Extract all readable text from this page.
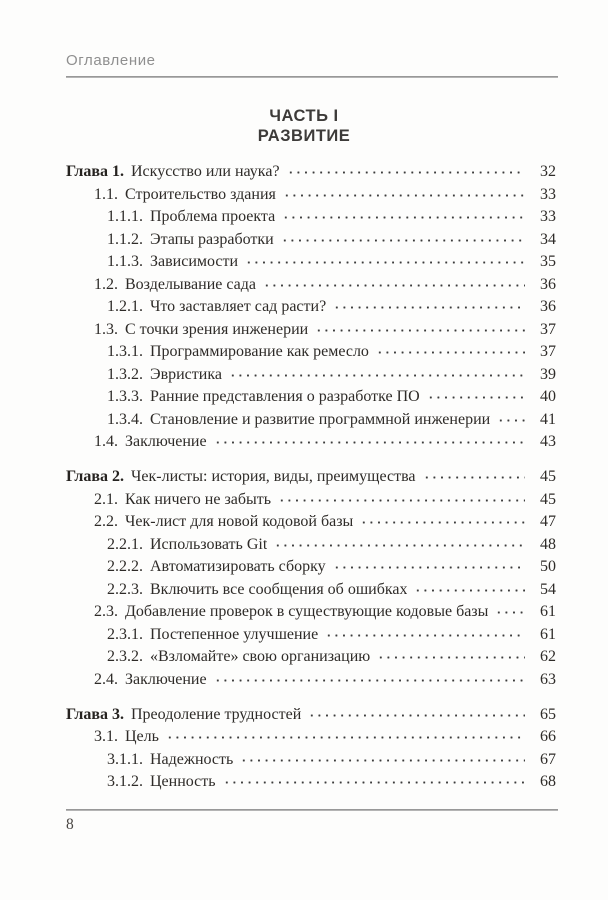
Оглавление
ЧАСТЬ I
РАЗВИТИЕ
Глава 1. Искусство или наука?	32
1.1. Строительство здания	33
1.1.1. Проблема проекта	33
1.1.2. Этапы разработки	34
1.1.3. Зависимости	35
1.2. Возделывание сада	36
1.2.1. Что заставляет сад расти?	36
1.3. С точки зрения инженерии	37
1.3.1. Программирование как ремесло	37
1.3.2. Эвристика	39
1.3.3. Ранние представления о разработке ПО	40
1.3.4. Становление и развитие программной инженерии	41
1.4. Заключение	43
Глава 2. Чек-листы: история, виды, преимущества	45
2.1. Как ничего не забыть	45
2.2. Чек-лист для новой кодовой базы	47
2.2.1. Использовать Git	48
2.2.2. Автоматизировать сборку	50
2.2.3. Включить все сообщения об ошибках	54
2.3. Добавление проверок в существующие кодовые базы	61
2.3.1. Постепенное улучшение	61
2.3.2. «Взломайте» свою организацию	62
2.4. Заключение	63
Глава 3. Преодоление трудностей	65
3.1. Цель	66
3.1.1. Надежность	67
3.1.2. Ценность	68
8
